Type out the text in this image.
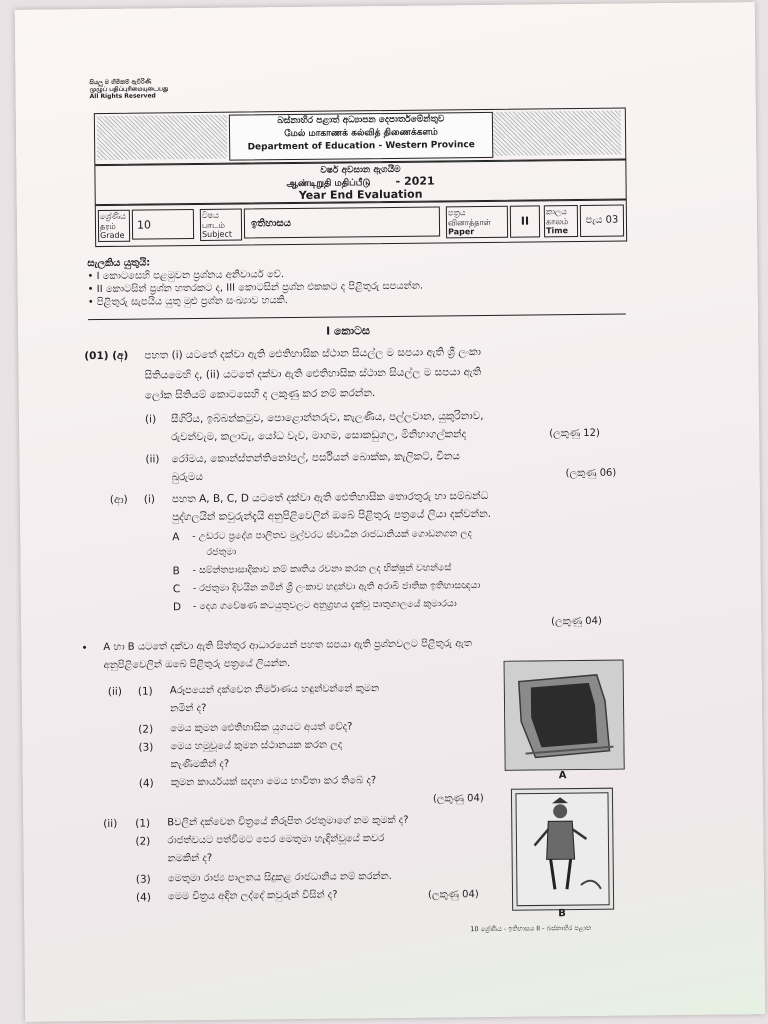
සියලු ම හිමිකම් ඇවිරිණි
முழுப் பதிப்புரிமையுடையது
All Rights Reserved
බස්නාහිර පළාත් අධ්‍යාපන දෙපාර්තමේන්තුව
மேல் மாகாணக் கல்வித் திணைக்களம்
Department of Education - Western Province
වර්ෂ අවසාන ඇගයීම
ஆண்டிறுதி மதிப்பீடு - 2021
Year End Evaluation
ශ්‍රේණිය
தரம்
Grade
10
විෂය
பாடம்
Subject
ඉතිහාසය
පත්‍රය
வினாத்தாள்
Paper
II
කාලය
காலம்
Time
පැය 03
සැලකිය යුතුයි:
• I කොටසෙහි පළමුවන ප්‍රශ්නය අනිවාර්ය වේ.
• II කොටසින් ප්‍රශ්න හතරකට ද, III කොටසින් ප්‍රශ්න එකකට ද පිළිතුරු සපයන්න.
• පිළිතුරු සැපයිය යුතු මුළු ප්‍රශ්න සංඛ්‍යාව හයකි.
I කොටස
(01) (අ) පහත (i) යටතේ දක්වා ඇති ඓතිහාසික ස්ථාන සියල්ල ම සපයා ඇති ශ්‍රී ලංකා
සිතියමෙහි ද, (ii) යටතේ දක්වා ඇති ඓතිහාසික ස්ථාන සියල්ල ම සපයා ඇති
ලෝක සිතියම් කොටසෙහි ද ලකුණු කර නම් කරන්න.
(i) සීගිරිය, ඉබ්බන්කටුව, පොළොන්නරුව, කැලණිය, පල්ලවාන, යුකුරිනාව,
රුවන්වැම, කලාවැ, යෝධ වැව, මාගම, සොකඩුගල, මිනිහාගල්කන්ද	(ලකුණු 12)
(ii) රෝමය, කොන්ස්තන්තිනෝපල්, පර්සියන් බොක්ක, කැලිකට්, චීනය
බුරුමය	(ලකුණු 06)
(ආ) (i) පහත A, B, C, D යටතේ දක්වා ඇති ඓතිහාසික තොරතුරු හා සම්බන්ධ
පුද්ගලයින් කවුරුන්දැයි අනුපිළිවෙලින් ඔබේ පිළිතුරු පත්‍රයේ ලියා දක්වන්න.
A - උඩරට ප්‍රදේශ පාලිතව මුල්වරට ස්වාධීන රාජධානියක් ගොඩනගන ලද
රජතුමා
B - සම්න්තපාසාදිකාව නම් කෘතිය රචනා කරන ලද භික්ෂූන් වහන්සේ
C - රජතුමා දිවයින නමින් ශ්‍රී ලංකාව හදුන්වා ඇති අරාබි ජාතික ඉතිහාසඥයා
D - දෙශ ගවේෂණ කටයුතුවලට අනුග්‍රහය දැක්වූ පෘතුගාලයේ කුමාරයා
(ලකුණු 04)
• A හා B යටතේ දක්වා ඇති සිත්තුර ආධාරයෙන් පහත සපයා ඇති ප්‍රශ්නවලට පිළිතුරු ඇත
අනුපිළිවෙලින් ඔබේ පිළිතුරු පත්‍රයේ ලියන්න.
A
(ii) (1) Aරූපයෙන් දක්වෙන නිර්මාණය හඳුන්වන්නේ කුමන
නමින් ද?
(2) මෙය කුමන ඓතිහාසික යුගයට අයත් වේද?
(3) මෙය හමුවූයේ කුමන ස්ථානයක කරන ලද
කැණීමකින් ද?
(4) කුමන කාර්යයක් සදහා මෙය භාවිතා කර තිබේ ද?
(ලකුණු 04)
B
(ii) (1) Bවලින් දක්වෙන චිත්‍රයේ නිරූපිත රජතුමාගේ නම කුමක් ද?
(2) රාජත්වයට පත්වීමට පෙර මෙතුමා හැඳින්වූයේ කවර
නමකින් ද?
(3) මෙතුමා රාජ්‍ය පාලනය සිදුකළ රාජධානිය නම් කරන්න.
(4) මෙම චිත්‍රය අඳින ලද්දේ කවුරුන් විසින් ද?	(ලකුණු 04)
10 ශ්‍රේණිය - ඉතිහාසය II - බස්නාහිර පළාත
